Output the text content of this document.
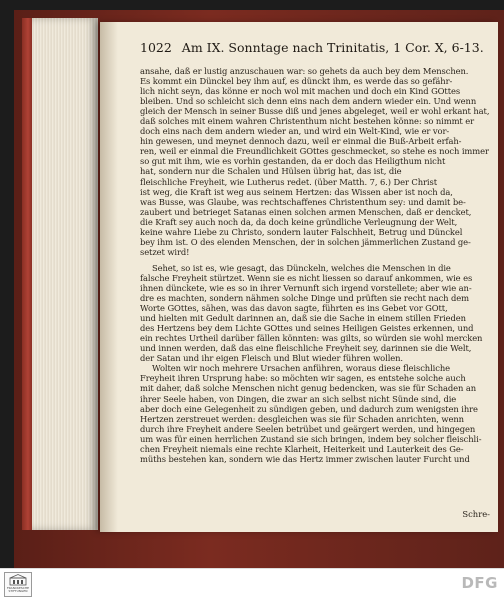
1022 Am IX. Sonntage nach Trinitatis, 1 Cor. X, 6-13.
ansahe, daß er lustig anzuschauen war: so gehets da auch bey dem Menschen.
Es kommt ein Dünckel bey ihm auf, es dünckt ihm, es werde das so gefähr-
lich nicht seyn, das könne er noch wol mit machen und doch ein Kind GOttes
bleiben. Und so schleicht sich denn eins nach dem andern wieder ein. Und wenn
gleich der Mensch in seiner Busse diß und jenes abgeleget, weil er wohl erkant hat,
daß solches mit einem wahren Christenthum nicht bestehen könne: so nimmt er
doch eins nach dem andern wieder an, und wird ein Welt-Kind, wie er vor-
hin gewesen, und meynet dennoch dazu, weil er einmal die Buß-Arbeit erfah-
ren, weil er einmal die Freundlichkeit GOttes geschmecket, so stehe es noch immer
so gut mit ihm, wie es vorhin gestanden, da er doch das Heiligthum nicht
hat, sondern nur die Schalen und Hülsen übrig hat, das ist, die
fleischliche Freyheit, wie Lutherus redet. (über Matth. 7, 6.) Der Christ
ist weg, die Kraft ist weg aus seinem Hertzen: das Wissen aber ist noch da,
was Busse, was Glaube, was rechtschaffenes Christenthum sey: und damit be-
zaubert und betrieget Satanas einen solchen armen Menschen, daß er dencket,
die Kraft sey auch noch da, da doch keine gründliche Verleugnung der Welt,
keine wahre Liebe zu Christo, sondern lauter Falschheit, Betrug und Dünckel
bey ihm ist. O des elenden Menschen, der in solchen jämmerlichen Zustand ge-
setzet wird!
Sehet, so ist es, wie gesagt, das Dünckeln, welches die Menschen in die
falsche Freyheit stürtzet. Wenn sie es nicht liessen so darauf ankommen, wie es
ihnen dünckete, wie es so in ihrer Vernunft sich irgend vorstellete; aber wie an-
dre es machten, sondern nähmen solche Dinge und prüften sie recht nach dem
Worte GOttes, sähen, was das davon sagte, führten es ins Gebet vor GOtt,
und hielten mit Gedult darinnen an, daß sie die Sache in einem stillen Frieden
des Hertzens bey dem Lichte GOttes und seines Heiligen Geistes erkennen, und
ein rechtes Urtheil darüber fällen könnten: was gilts, so würden sie wohl mercken
und innen werden, daß das eine fleischliche Freyheit sey, darinnen sie die Welt,
der Satan und ihr eigen Fleisch und Blut wieder führen wollen.
Wolten wir noch mehrere Ursachen anführen, woraus diese fleischliche
Freyheit ihren Ursprung habe: so möchten wir sagen, es entstehe solche auch
mit daher, daß solche Menschen nicht genug bedencken, was sie für Schaden an
ihrer Seele haben, von Dingen, die zwar an sich selbst nicht Sünde sind, die
aber doch eine Gelegenheit zu sündigen geben, und dadurch zum wenigsten ihre
Hertzen zerstreuet werden: desgleichen was sie für Schaden anrichten, wenn
durch ihre Freyheit andere Seelen betrübet und geärgert werden, und hingegen
um was für einen herrlichen Zustand sie sich bringen, indem bey solcher fleischli-
chen Freyheit niemals eine rechte Klarheit, Heiterkeit und Lauterkeit des Ge-
müths bestehen kan, sondern wie das Hertz immer zwischen lauter Furcht und
Schre-
FRANCKESCHE STIFTUNGEN	DFG
